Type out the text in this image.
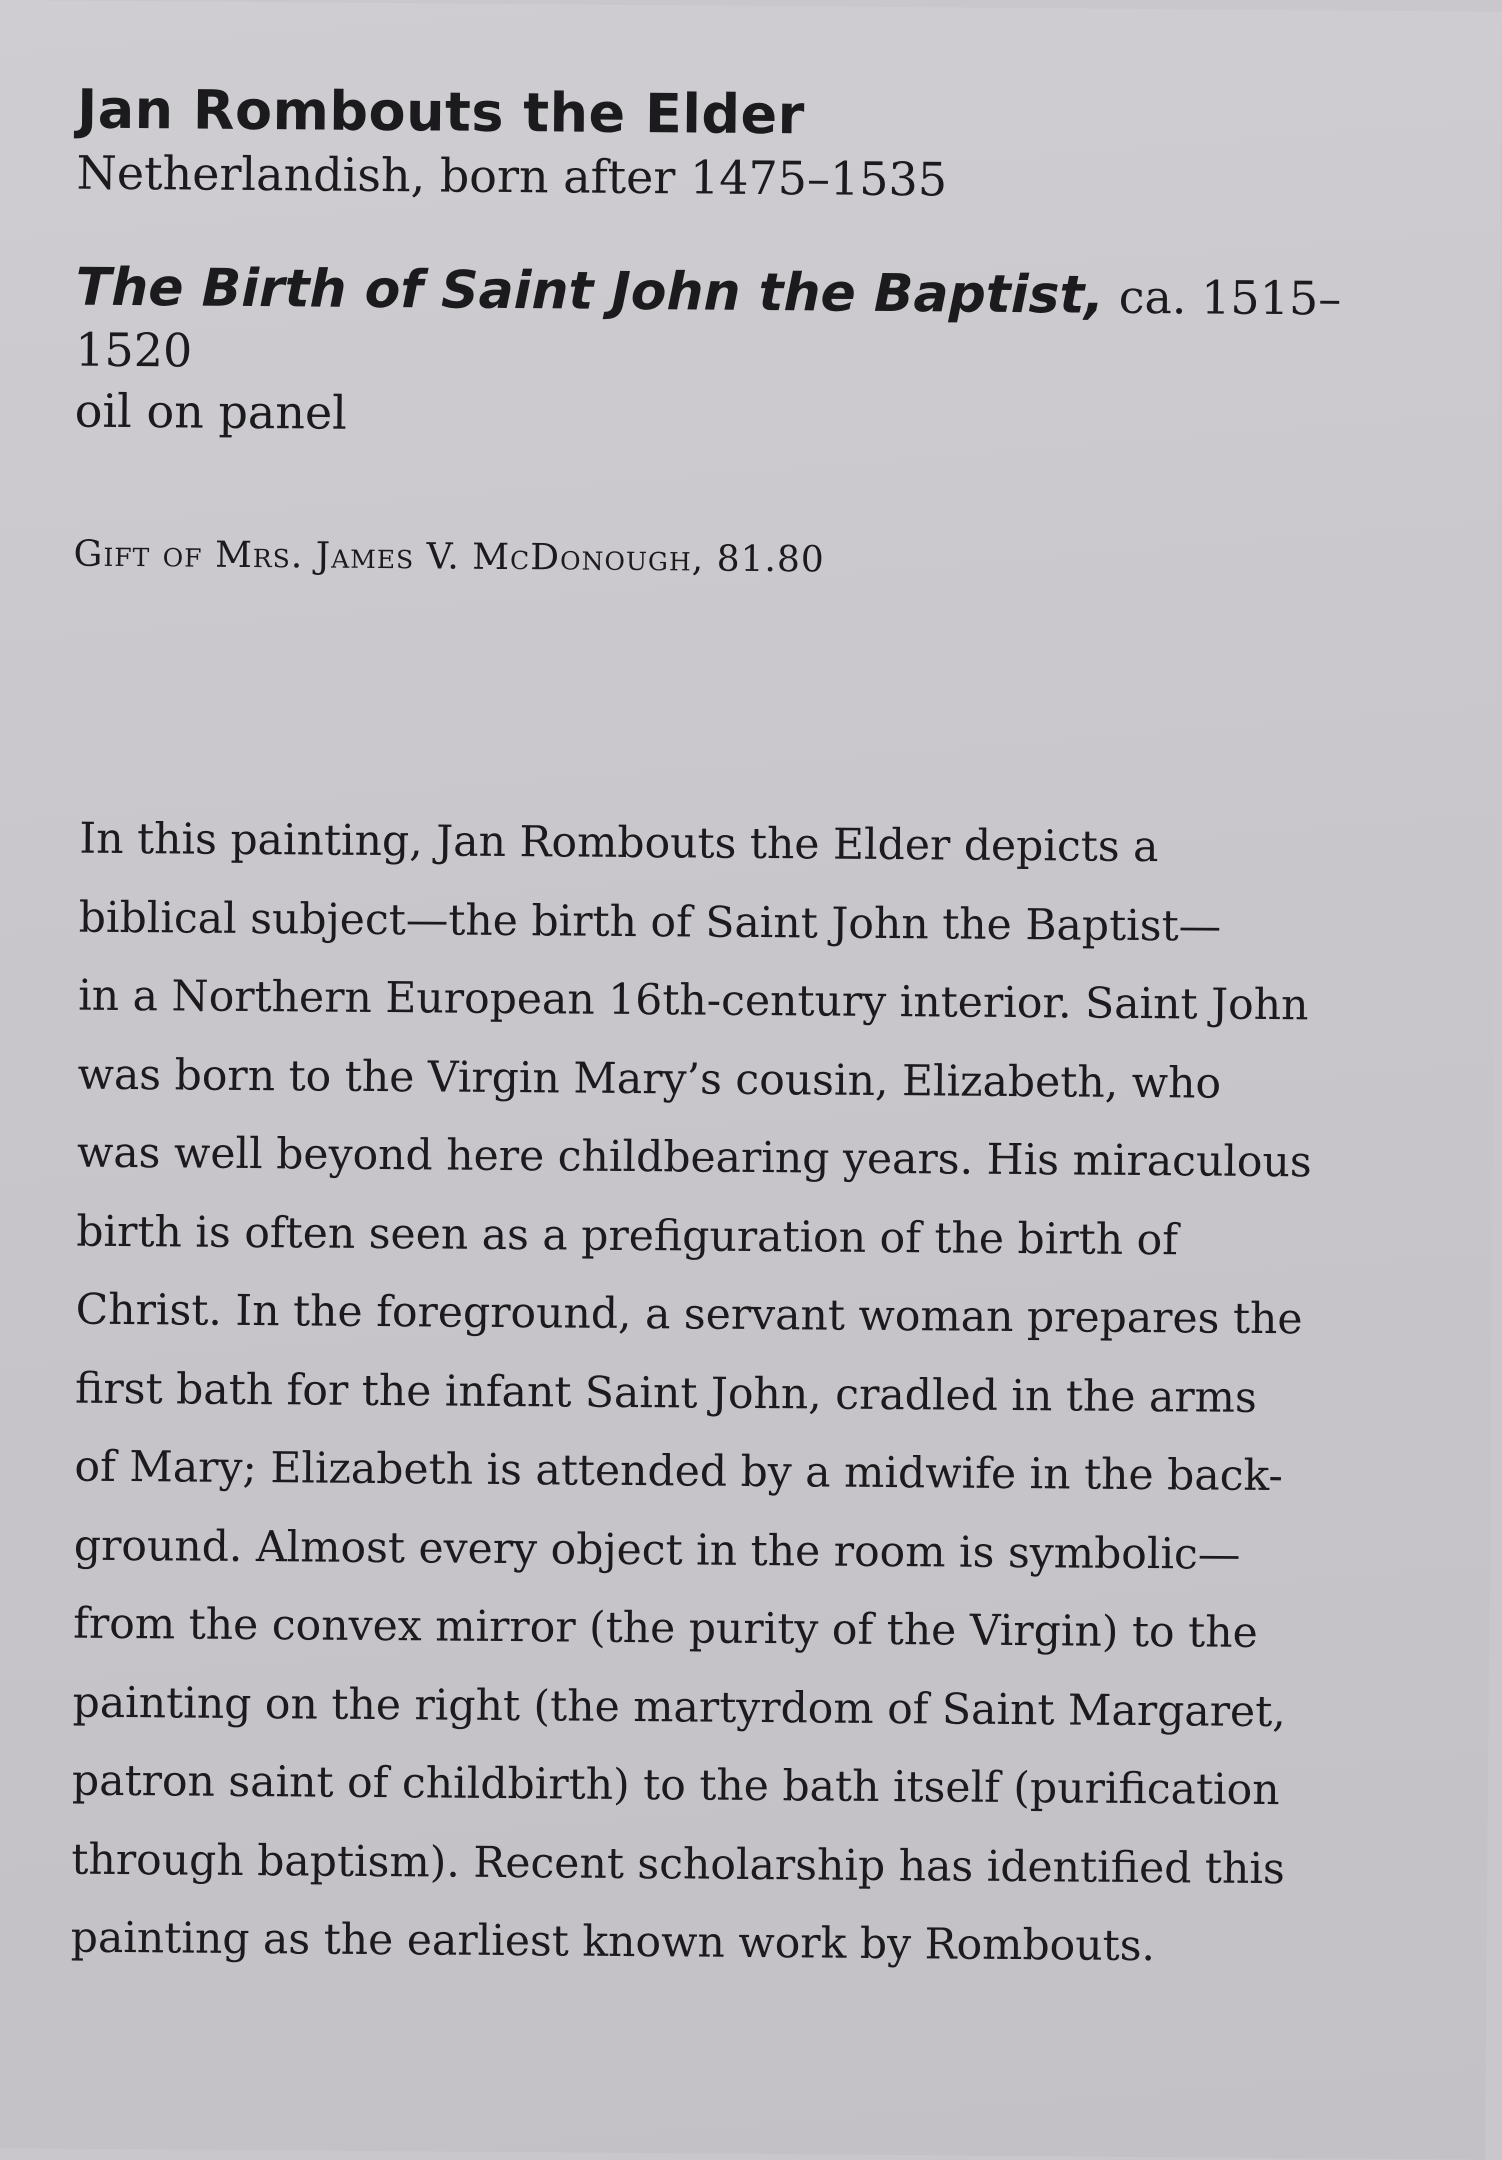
Jan Rombouts the Elder
Netherlandish, born after 1475–1535
The Birth of Saint John the Baptist, ca. 1515–
1520
oil on panel
Gift of Mrs. James V. McDonough, 81.80

In this painting, Jan Rombouts the Elder depicts a
biblical subject—the birth of Saint John the Baptist—
in a Northern European 16th-century interior. Saint John
was born to the Virgin Mary’s cousin, Elizabeth, who
was well beyond here childbearing years. His miraculous
birth is often seen as a prefiguration of the birth of
Christ. In the foreground, a servant woman prepares the
first bath for the infant Saint John, cradled in the arms
of Mary; Elizabeth is attended by a midwife in the back-
ground. Almost every object in the room is symbolic—
from the convex mirror (the purity of the Virgin) to the
painting on the right (the martyrdom of Saint Margaret,
patron saint of childbirth) to the bath itself (purification
through baptism). Recent scholarship has identified this
painting as the earliest known work by Rombouts.
